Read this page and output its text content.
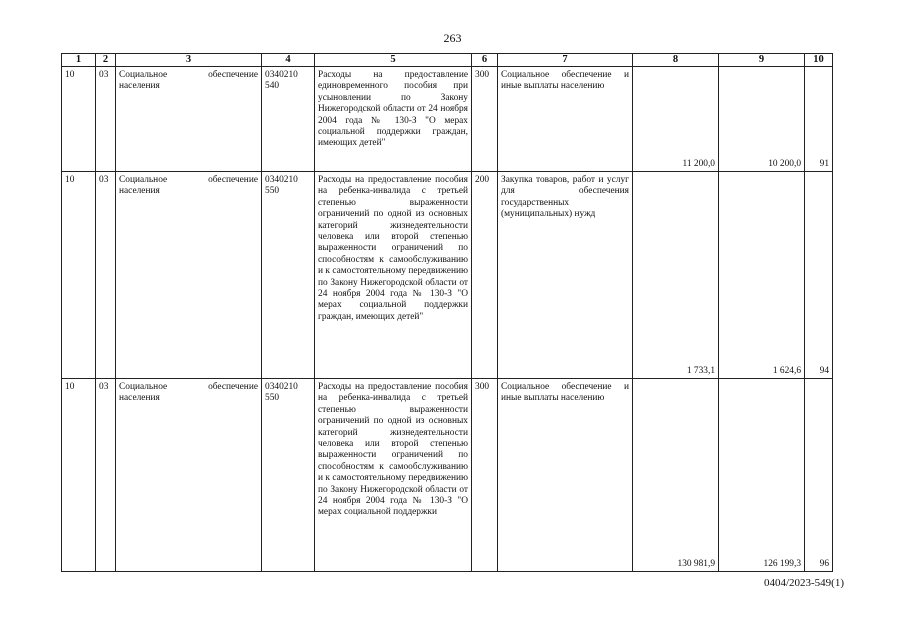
263
1	2	3	4	5	6	7	8	9	10
10	03	Социальное обеспечение населения	0340210 540	Расходы на предоставление единовременного пособия при усыновлении по Закону Нижегородской области от 24 ноября 2004 года № 130-З "О мерах социальной поддержки граждан, имеющих детей"	300	Социальное обеспечение и иные выплаты населению	11 200,0	10 200,0	91
10	03	Социальное обеспечение населения	0340210 550	Расходы на предоставление пособия на ребенка-инвалида с третьей степенью выраженности ограничений по одной из основных категорий жизнедеятельности человека или второй степенью выраженности ограничений по способностям к самообслуживанию и к самостоятельному передвижению по Закону Нижегородской области от 24 ноября 2004 года № 130-З "О мерах социальной поддержки граждан, имеющих детей"	200	Закупка товаров, работ и услуг для обеспечения государственных (муниципальных) нужд	1 733,1	1 624,6	94
10	03	Социальное обеспечение населения	0340210 550	Расходы на предоставление пособия на ребенка-инвалида с третьей степенью выраженности ограничений по одной из основных категорий жизнедеятельности человека или второй степенью выраженности ограничений по способностям к самообслуживанию и к самостоятельному передвижению по Закону Нижегородской области от 24 ноября 2004 года № 130-З "О мерах социальной поддержки	300	Социальное обеспечение и иные выплаты населению	130 981,9	126 199,3	96
0404/2023-549(1)
